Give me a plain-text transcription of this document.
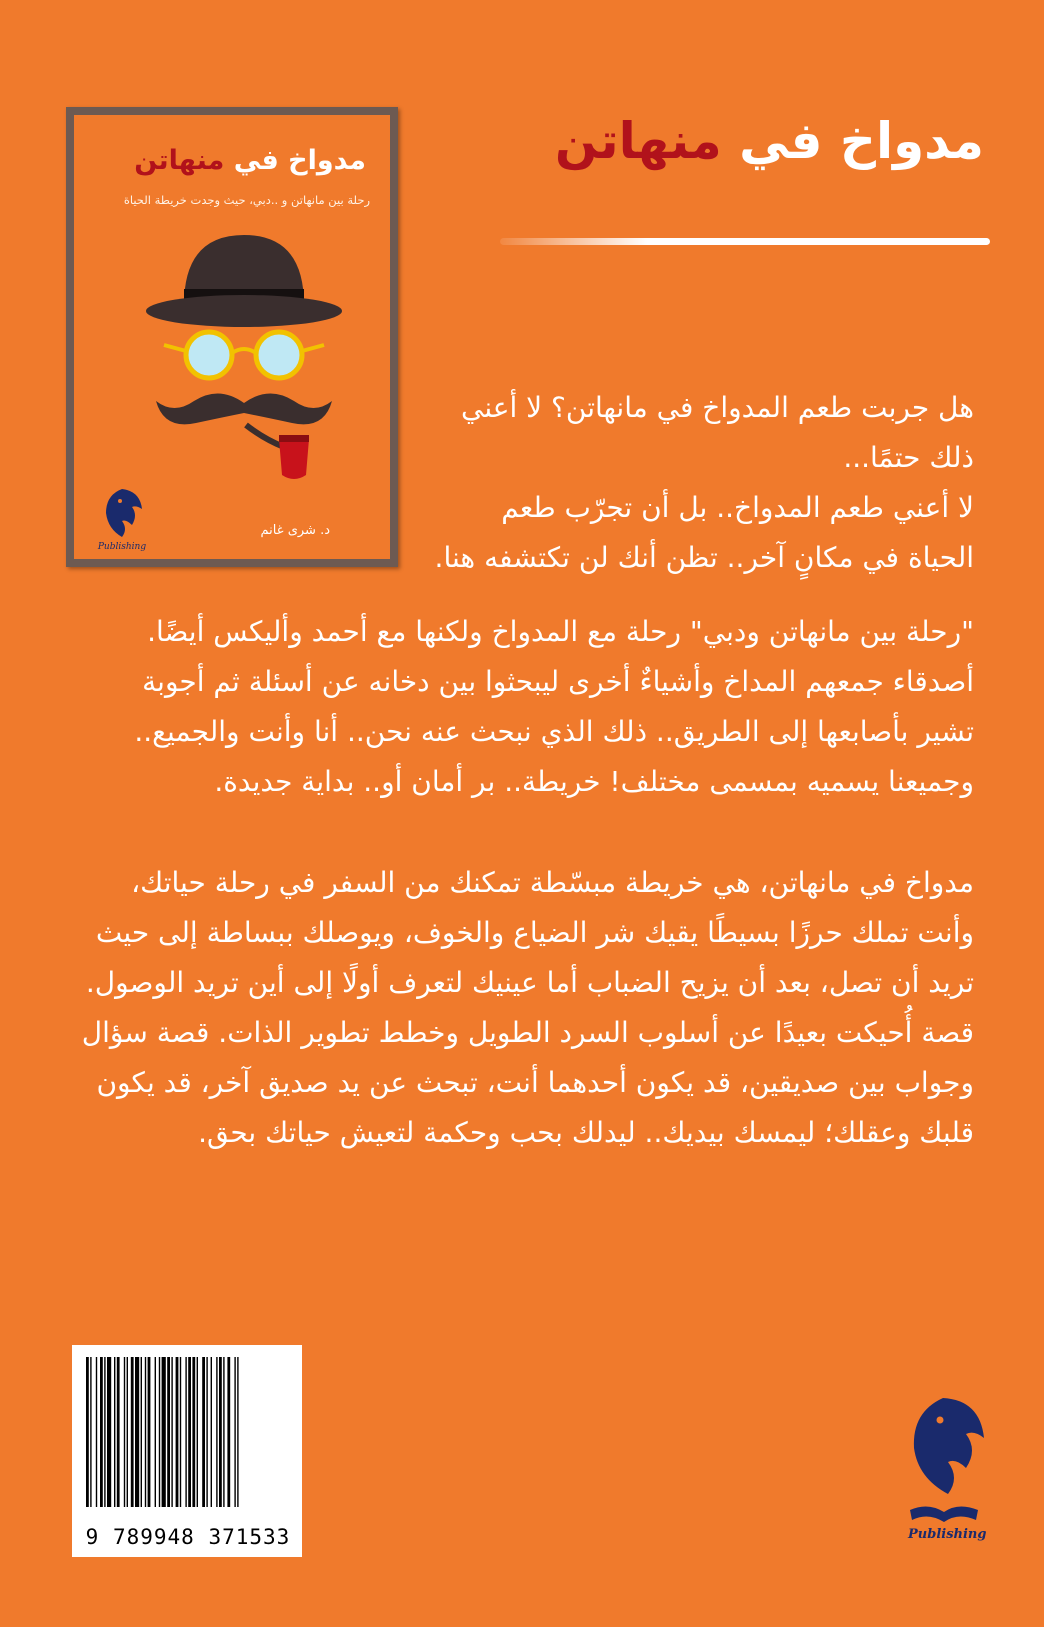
مدواخ في منهاتن
مدواخ في منهاتن
رحلة بين مانهاتن و ..دبي، حيث وجدت خريطة الحياة
د. شرى غانم
Publishing

هل جربت طعم المدواخ في مانهاتن؟ لا أعني

ذلك حتمًا...

لا أعني طعم المدواخ.. بل أن تجرّب طعم

الحياة في مكانٍ آخر.. تظن أنك لن تكتشفه هنا.

"رحلة بين مانهاتن ودبي" رحلة مع المدواخ ولكنها مع أحمد وأليكس أيضًا.

أصدقاء جمعهم المداخ وأشياءٌ أخرى ليبحثوا بين دخانه عن أسئلة ثم أجوبة

تشير بأصابعها إلى الطريق.. ذلك الذي نبحث عنه نحن.. أنا وأنت والجميع..

وجميعنا يسميه بمسمى مختلف! خريطة.. بر أمان أو.. بداية جديدة.

مدواخ في مانهاتن، هي خريطة مبسّطة تمكنك من السفر في رحلة حياتك،

وأنت تملك حرزًا بسيطًا يقيك شر الضياع والخوف، ويوصلك ببساطة إلى حيث

تريد أن تصل، بعد أن يزيح الضباب أما عينيك لتعرف أولًا إلى أين تريد الوصول.

قصة أُحيكت بعيدًا عن أسلوب السرد الطويل وخطط تطوير الذات. قصة سؤال

وجواب بين صديقين، قد يكون أحدهما أنت، تبحث عن يد صديق آخر، قد يكون

قلبك وعقلك؛ ليمسك بيديك.. ليدلك بحب وحكمة لتعيش حياتك بحق.

9 789948 371533	Publishing
